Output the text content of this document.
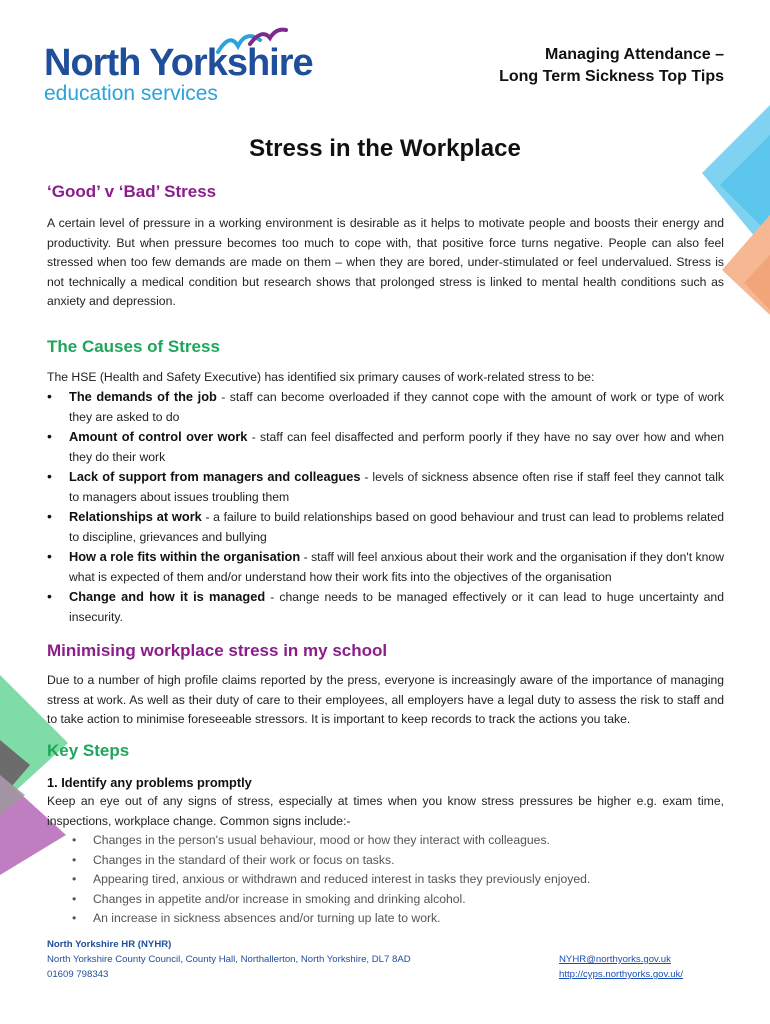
North Yorkshire
education services
Managing Attendance –
Long Term Sickness Top Tips
Stress in the Workplace
‘Good’ v ‘Bad’ Stress

A certain level of pressure in a working environment is desirable as it helps to motivate people and boosts their energy and productivity. But when pressure becomes too much to cope with, that positive force turns negative. People can also feel stressed when too few demands are made on them – when they are bored, under-stimulated or feel undervalued. Stress is not technically a medical condition but research shows that prolonged stress is linked to mental health conditions such as anxiety and depression.

The Causes of Stress

The HSE (Health and Safety Executive) has identified six primary causes of work-related stress to be:

• The demands of the job - staff can become overloaded if they cannot cope with the amount of work or type of work they are asked to do
• Amount of control over work - staff can feel disaffected and perform poorly if they have no say over how and when they do their work
• Lack of support from managers and colleagues - levels of sickness absence often rise if staff feel they cannot talk to managers about issues troubling them
• Relationships at work - a failure to build relationships based on good behaviour and trust can lead to problems related to discipline, grievances and bullying
• How a role fits within the organisation - staff will feel anxious about their work and the organisation if they don't know what is expected of them and/or understand how their work fits into the objectives of the organisation
• Change and how it is managed - change needs to be managed effectively or it can lead to huge uncertainty and insecurity.
Minimising workplace stress in my school

Due to a number of high profile claims reported by the press, everyone is increasingly aware of the importance of managing stress at work. As well as their duty of care to their employees, all employers have a legal duty to assess the risk to staff and to take action to minimise foreseeable stressors. It is important to keep records to track the actions you take.

Key Steps
1. Identify any problems promptly

Keep an eye out of any signs of stress, especially at times when you know stress pressures be higher e.g. exam time, inspections, workplace change. Common signs include:-

• Changes in the person's usual behaviour, mood or how they interact with colleagues.
• Changes in the standard of their work or focus on tasks.
• Appearing tired, anxious or withdrawn and reduced interest in tasks they previously enjoyed.
• Changes in appetite and/or increase in smoking and drinking alcohol.
• An increase in sickness absences and/or turning up late to work.
North Yorkshire HR (NYHR)
North Yorkshire County Council, County Hall, Northallerton, North Yorkshire, DL7 8AD
01609 798343
NYHR@northyorks.gov.uk
http://cyps.northyorks.gov.uk/
